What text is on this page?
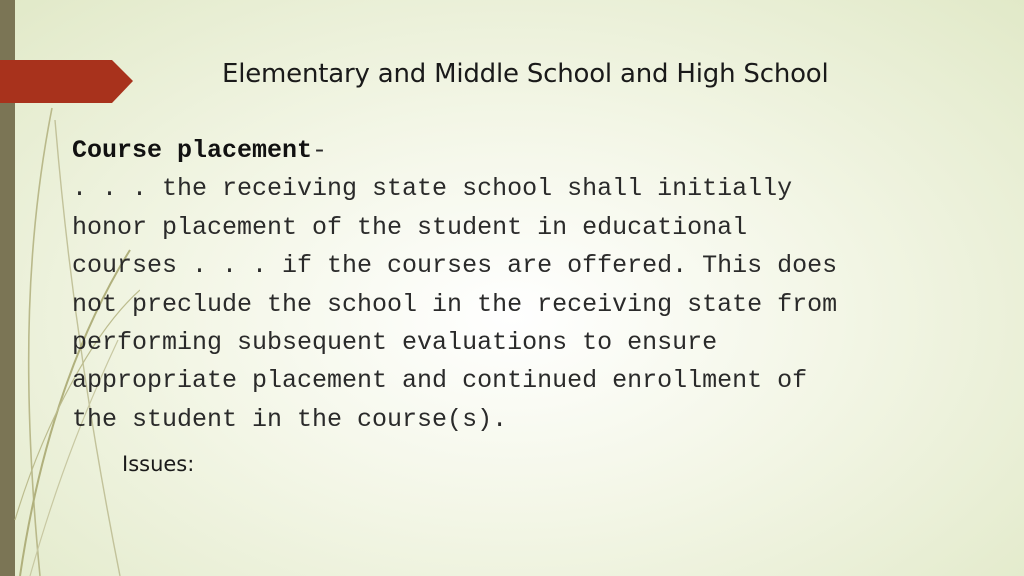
Elementary and Middle School and High School
Course placement-
. . . the receiving state school shall initially
honor placement of the student in educational
courses . . . if the courses are offered. This does
not preclude the school in the receiving state from
performing subsequent evaluations to ensure
appropriate placement and continued enrollment of
the student in the course(s).
Issues:
